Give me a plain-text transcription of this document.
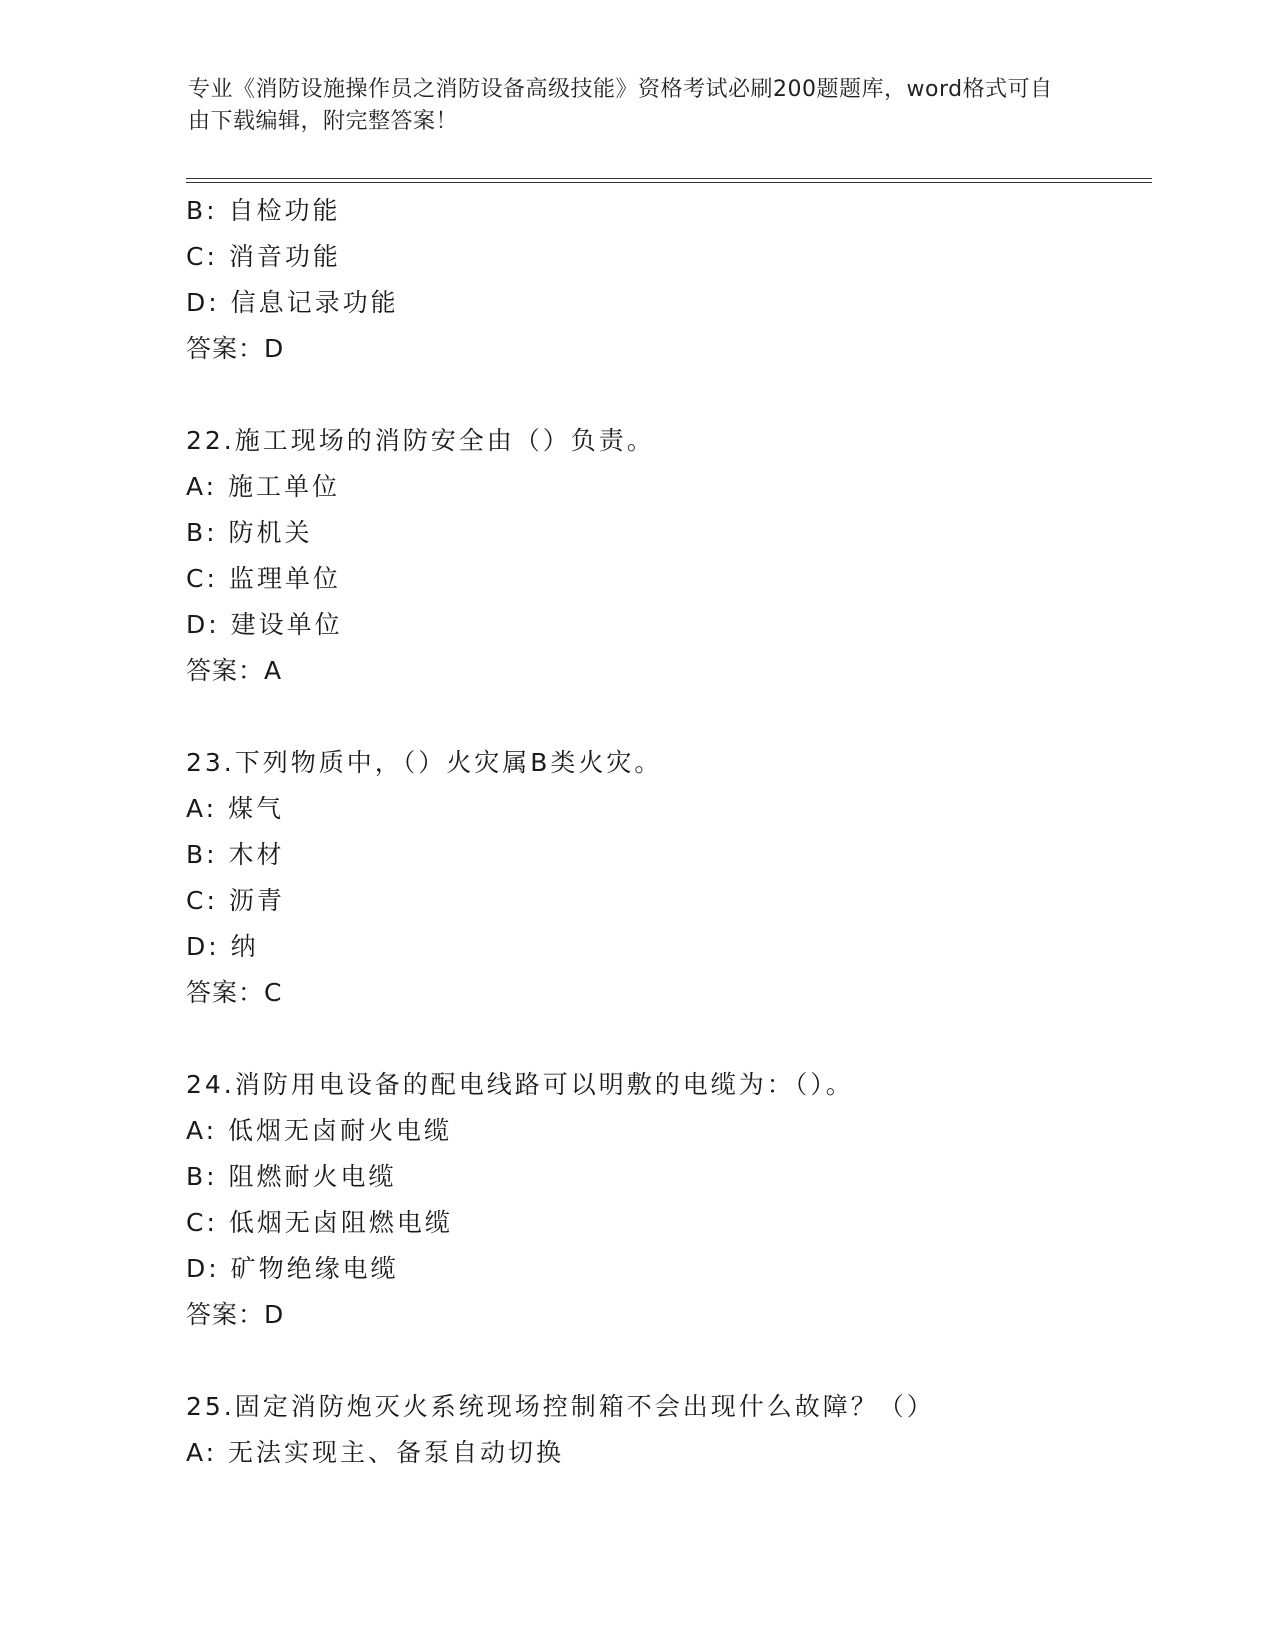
专业《消防设施操作员之消防设备高级技能》资格考试必刷200题题库，word格式可自由下载编辑，附完整答案！
B: 自检功能
C: 消音功能
D: 信息记录功能
答案：D
22.施工现场的消防安全由（）负责。
A: 施工单位
B: 防机关
C: 监理单位
D: 建设单位
答案：A
23.下列物质中，（）火灾属B类火灾。
A: 煤气
B: 木材
C: 沥青
D: 纳
答案：C
24.消防用电设备的配电线路可以明敷的电缆为：（）。
A: 低烟无卤耐火电缆
B: 阻燃耐火电缆
C: 低烟无卤阻燃电缆
D: 矿物绝缘电缆
答案：D
25.固定消防炮灭火系统现场控制箱不会出现什么故障？（）
A: 无法实现主、备泵自动切换
